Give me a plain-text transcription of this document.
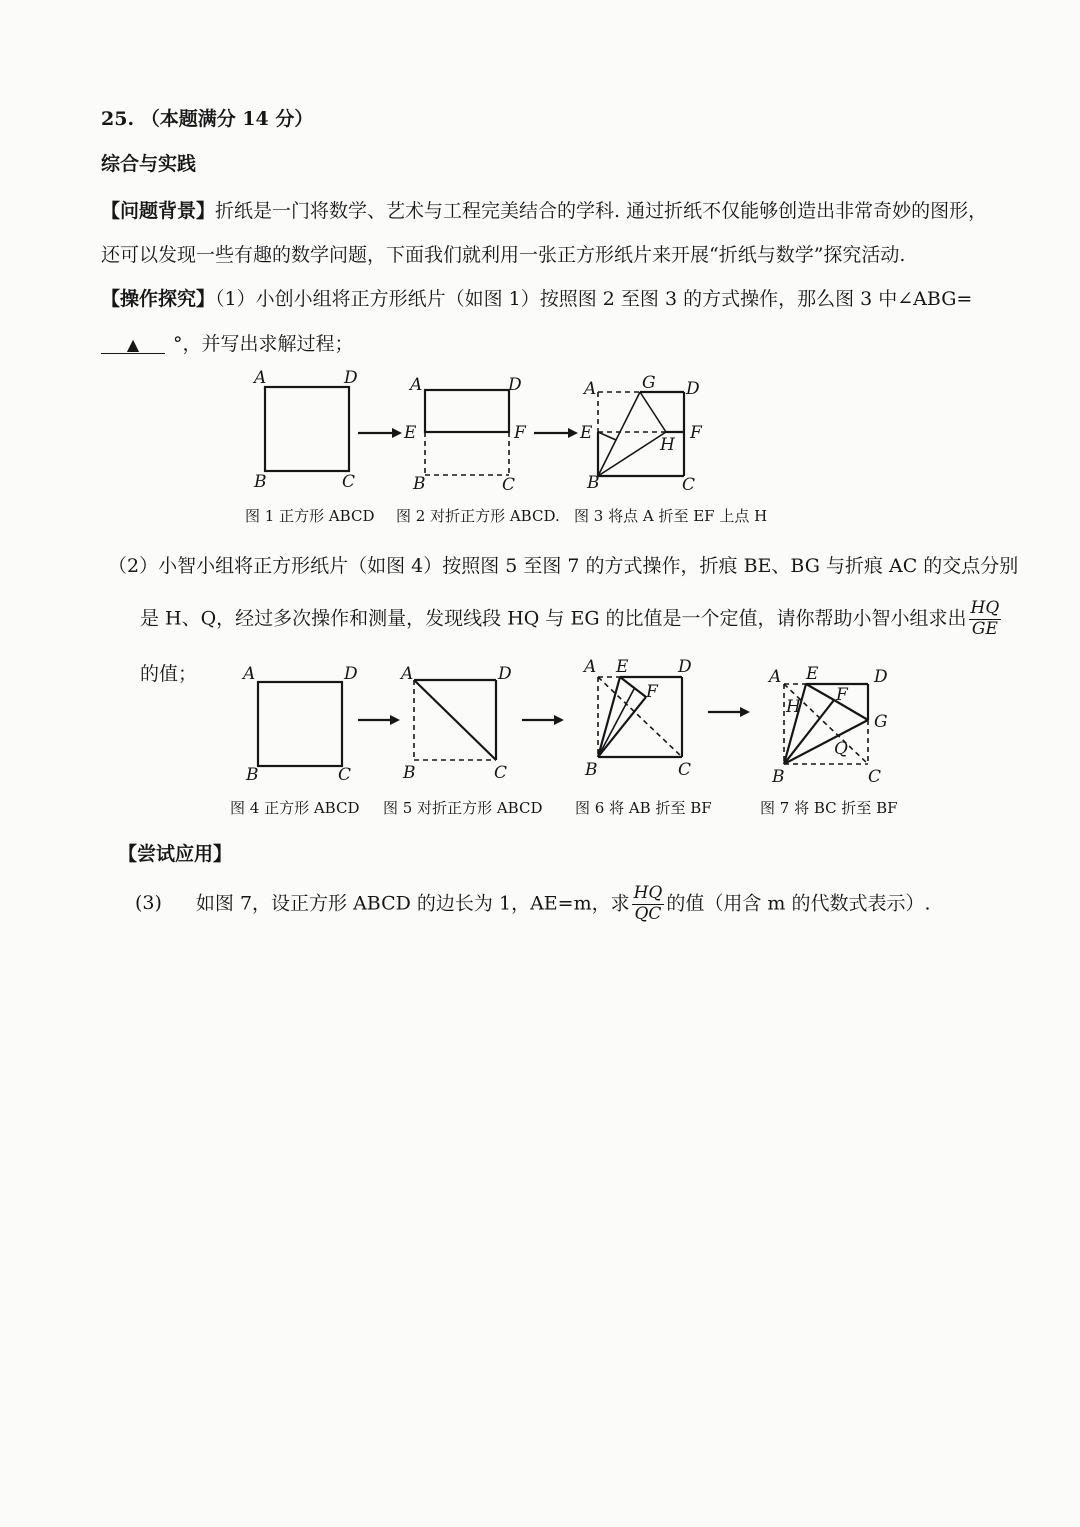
25. （本题满分 14 分）
综合与实践
【问题背景】折纸是一门将数学、艺术与工程完美结合的学科. 通过折纸不仅能够创造出非常奇妙的图形，
还可以发现一些有趣的数学问题，下面我们就利用一张正方形纸片来开展“折纸与数学”探究活动.
【操作探究】（1）小创小组将正方形纸片（如图 1）按照图 2 至图 3 的方式操作，那么图 3 中∠ABG=
▲ °，并写出求解过程；
A	D
B	C
A	D
E	F
B	C
A	G D
E	F
H
B	C
图 1 正方形 ABCD 图 2 对折正方形 ABCD. 图 3 将点 A 折至 EF 上点 H
（2）小智小组将正方形纸片（如图 4）按照图 5 至图 7 的方式操作，折痕 BE、BG 与折痕 AC 的交点分别
是 H、Q，经过多次操作和测量，发现线段 HQ 与 EG 的比值是一个定值，请你帮助小智小组求出 $\frac{HQ}{GE}$
的值；	A	D
B	C
A	D
B	C
A E	D
F
B	C
A E	D
H
F
G
Q
B	C
图 4 正方形 ABCD 图 5 对折正方形 ABCD 图 6 将 AB 折至 BF	图 7 将 BC 折至 BF
【尝试应用】
(3) 如图 7，设正方形 ABCD 的边长为 1，AE=m，求 $\frac{HQ}{QC}$ 的值（用含 m 的代数式表示）.
